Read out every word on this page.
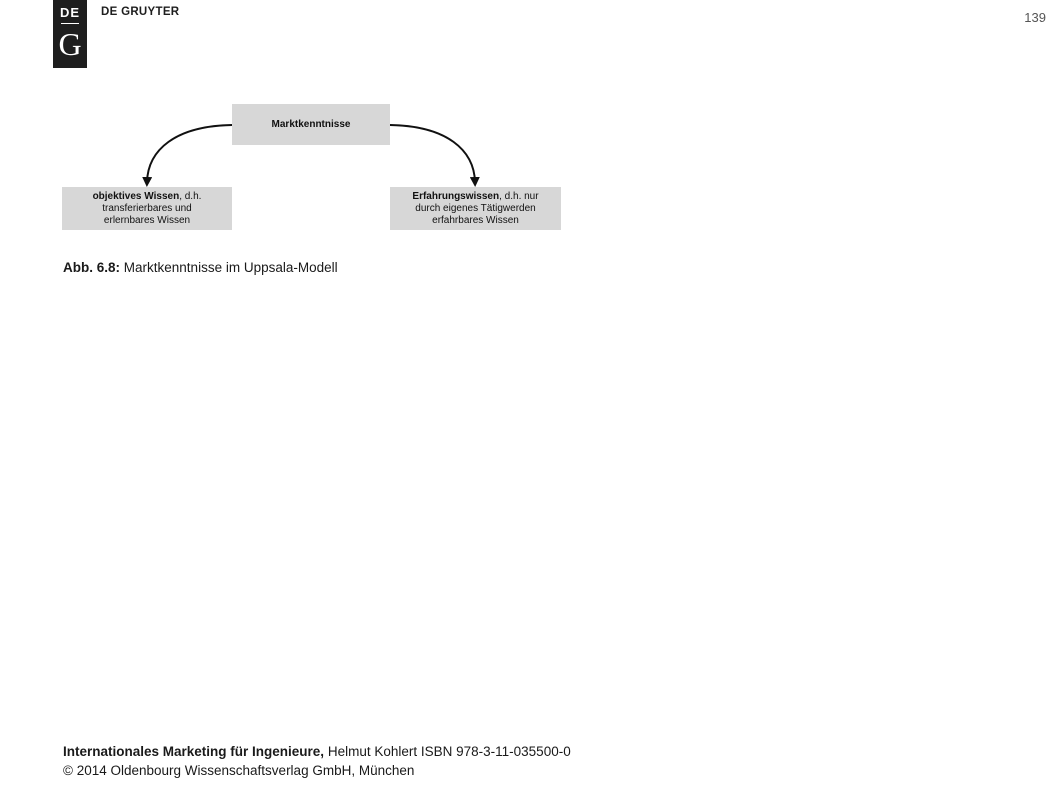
DE
G
DE GRUYTER	139
Marktkenntnisse
objektives Wissen, d.h.
transferierbares und
erlernbares Wissen
Erfahrungswissen, d.h. nur
durch eigenes Tätigwerden
erfahrbares Wissen
Abb. 6.8: Marktkenntnisse im Uppsala-Modell
Internationales Marketing für Ingenieure, Helmut Kohlert ISBN 978-3-11-035500-0
© 2014 Oldenbourg Wissenschaftsverlag GmbH, München
